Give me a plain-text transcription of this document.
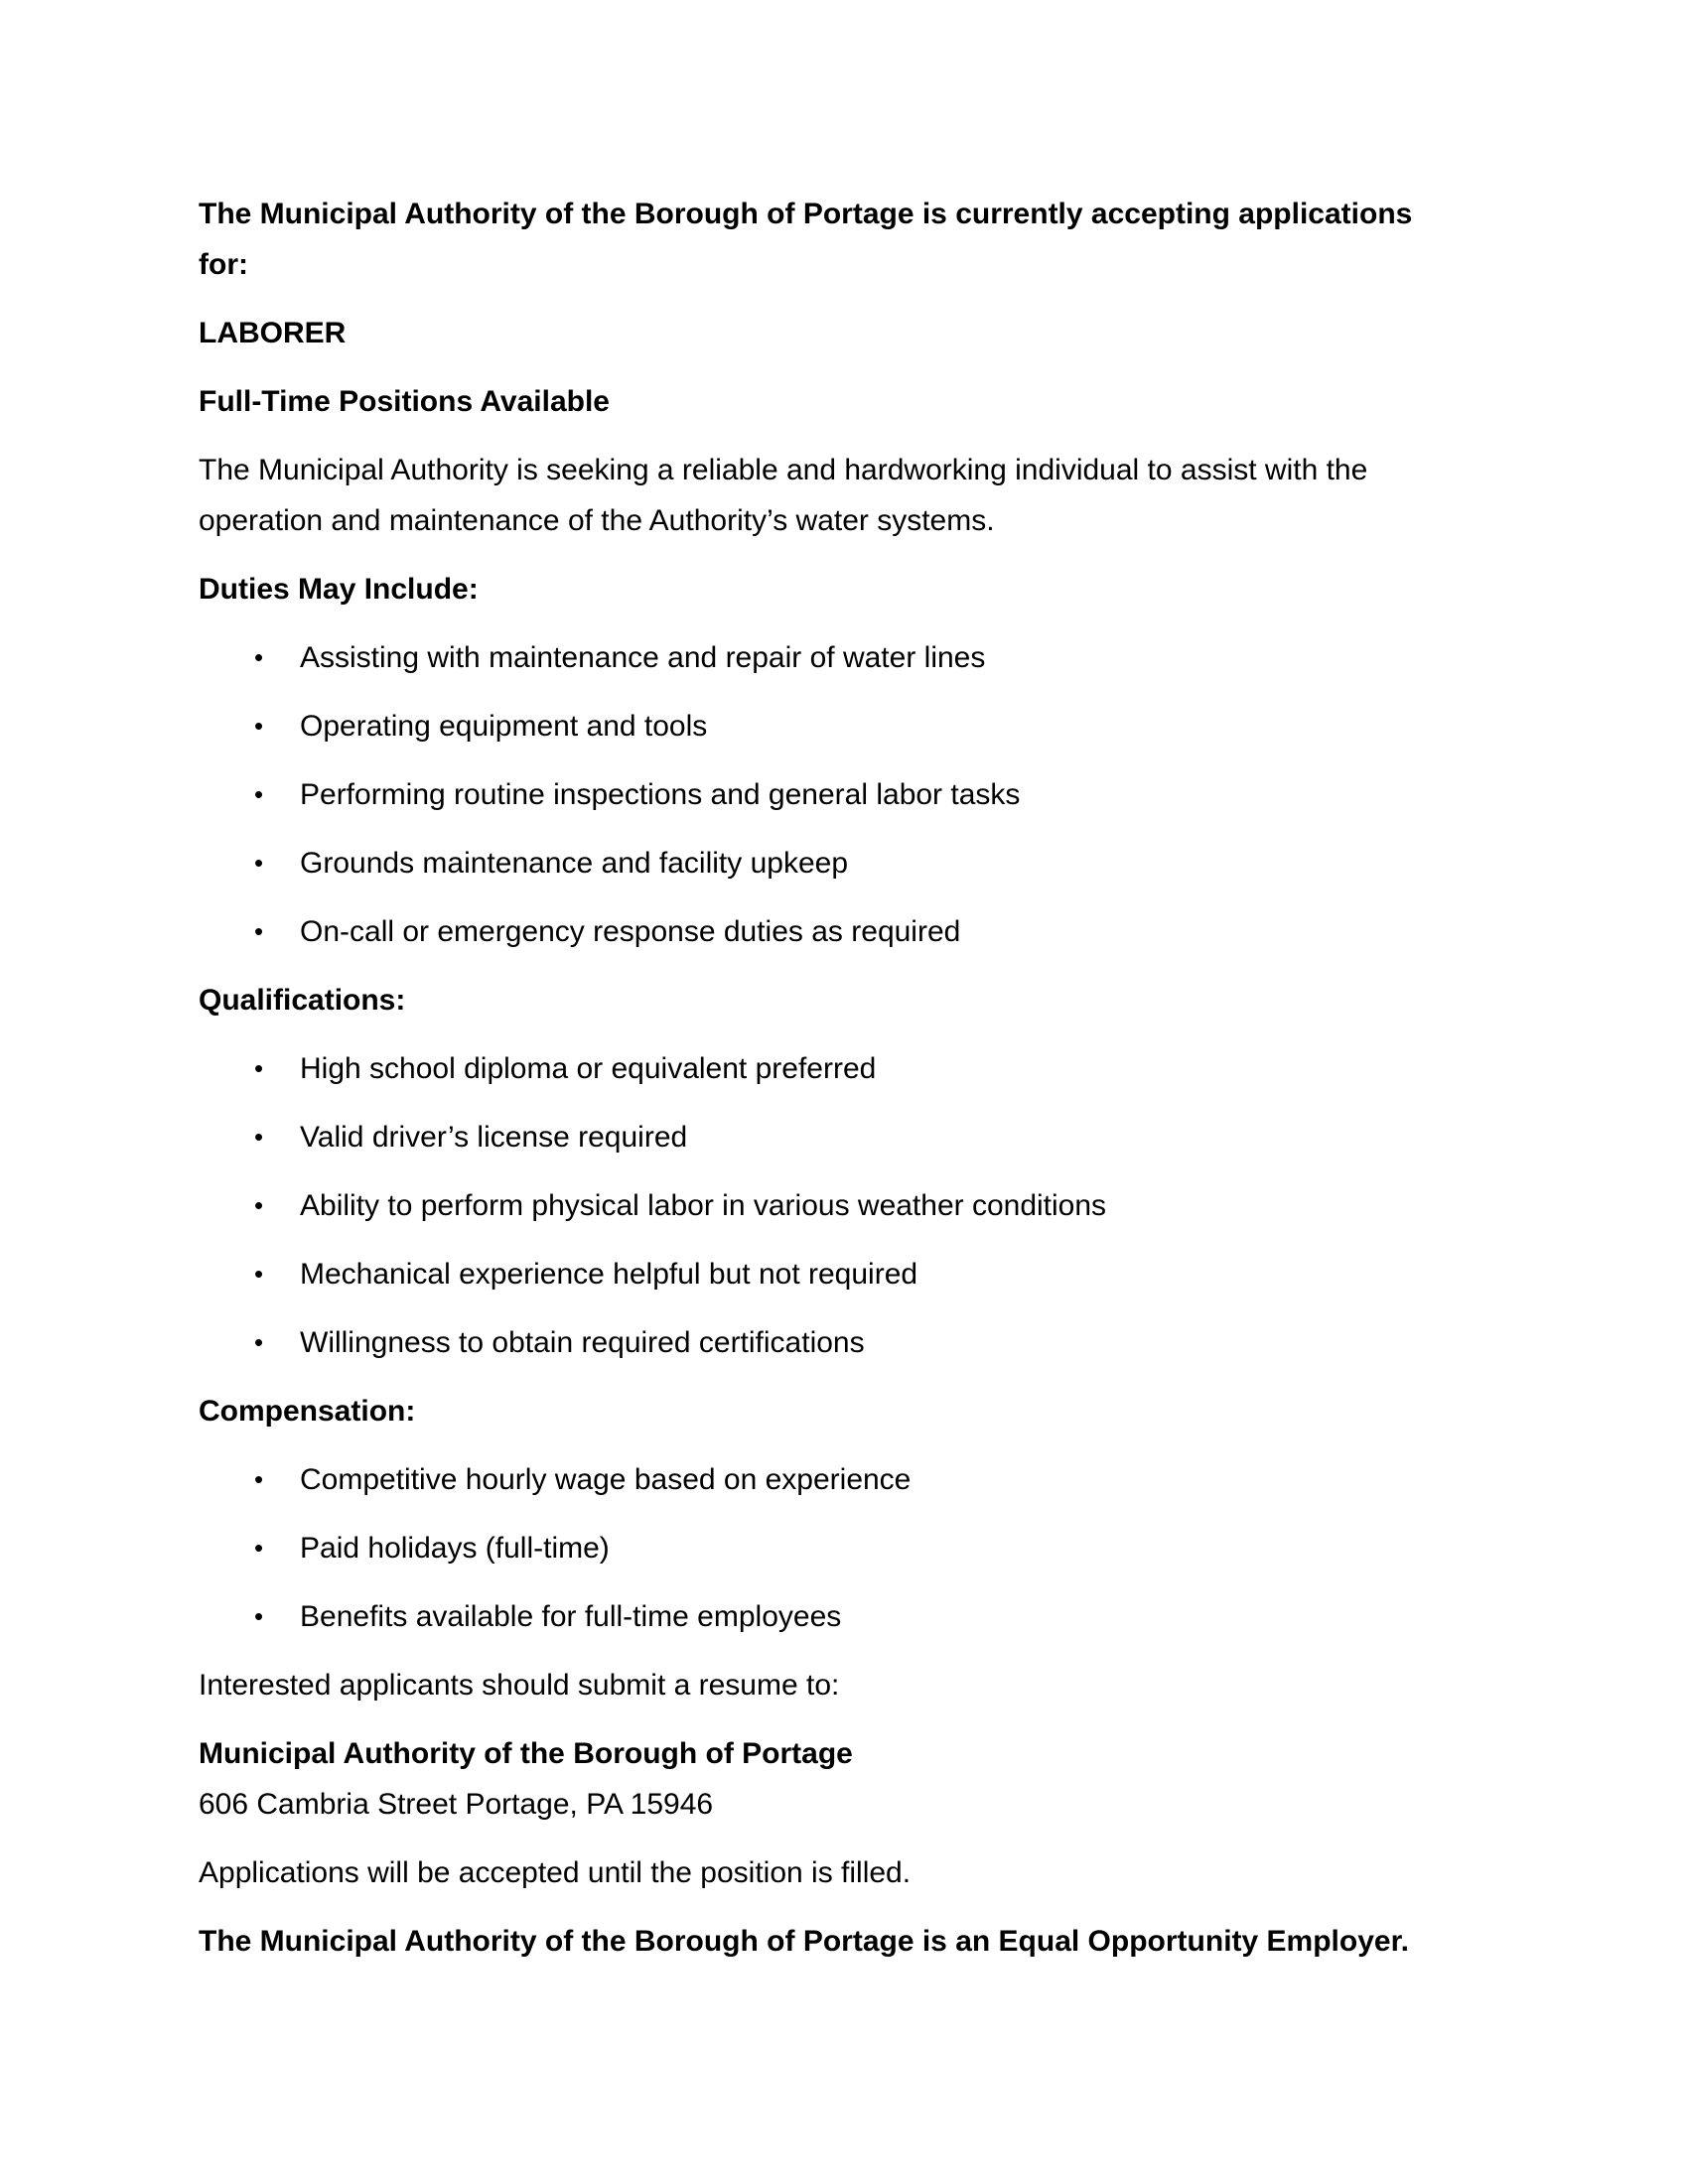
The Municipal Authority of the Borough of Portage is currently accepting applications for:

LABORER

Full-Time Positions Available

The Municipal Authority is seeking a reliable and hardworking individual to assist with the operation and maintenance of the Authority’s water systems.

Duties May Include:

•	Assisting with maintenance and repair of water lines
•	Operating equipment and tools
•	Performing routine inspections and general labor tasks
•	Grounds maintenance and facility upkeep
•	On-call or emergency response duties as required

Qualifications:

•	High school diploma or equivalent preferred
•	Valid driver’s license required
•	Ability to perform physical labor in various weather conditions
•	Mechanical experience helpful but not required
•	Willingness to obtain required certifications

Compensation:

•	Competitive hourly wage based on experience
•	Paid holidays (full-time)
•	Benefits available for full-time employees

Interested applicants should submit a resume to:

Municipal Authority of the Borough of Portage
606 Cambria Street Portage, PA 15946

Applications will be accepted until the position is filled.

The Municipal Authority of the Borough of Portage is an Equal Opportunity Employer.
